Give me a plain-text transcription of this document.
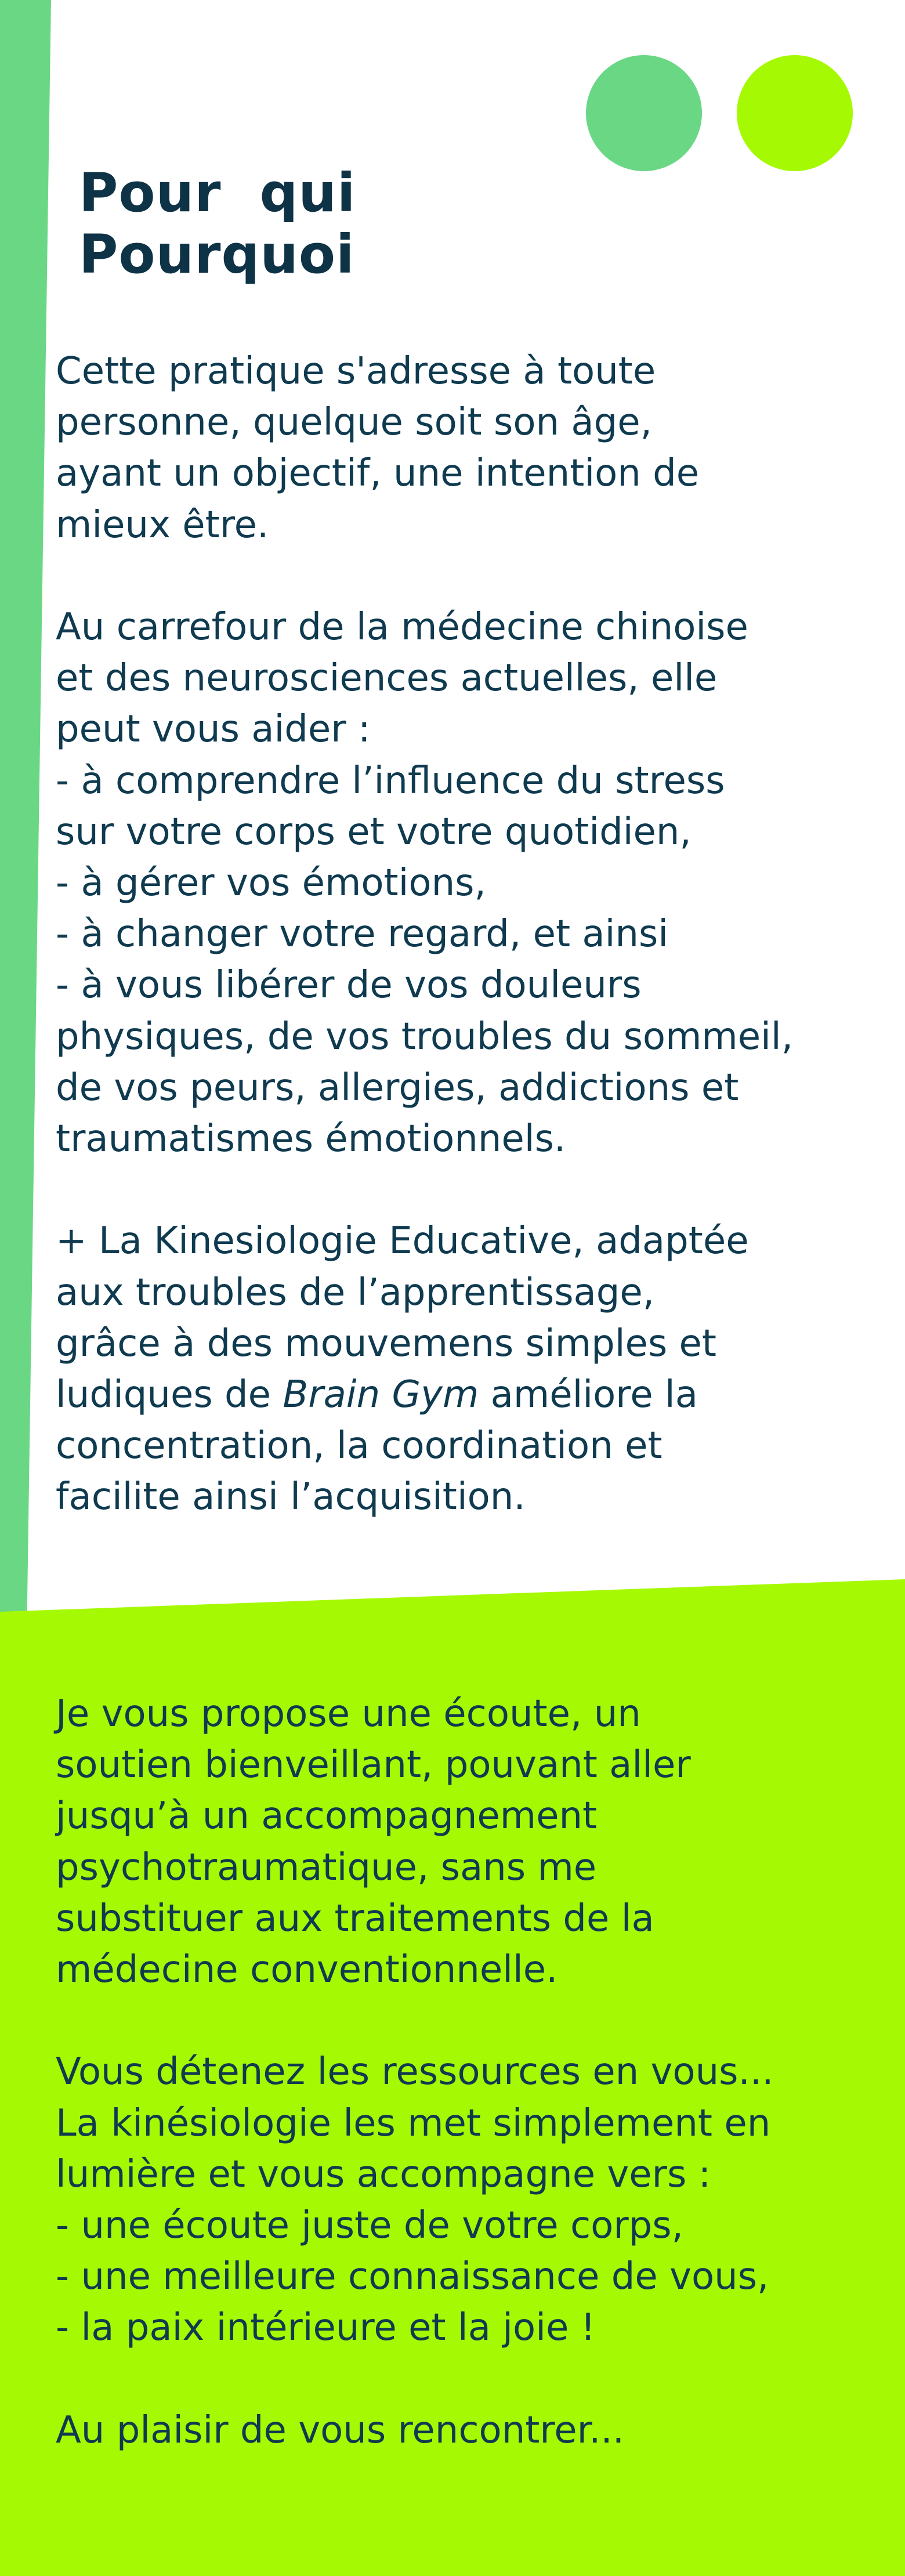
Pour  qui
Pourquoi
Cette pratique s'adresse à toute
personne, quelque soit son âge,
ayant un objectif, une intention de
mieux être.
Au carrefour de la médecine chinoise
et des neurosciences actuelles, elle
peut vous aider :
- à comprendre l’influence du stress
sur votre corps et votre quotidien,
- à gérer vos émotions,
- à changer votre regard, et ainsi
- à vous libérer de vos douleurs
physiques, de vos troubles du sommeil,
de vos peurs, allergies, addictions et
traumatismes émotionnels.
+ La Kinesiologie Educative, adaptée
aux troubles de l’apprentissage,
grâce à des mouvemens simples et
ludiques de Brain Gym améliore la
concentration, la coordination et
facilite ainsi l’acquisition.
Je vous propose une écoute, un
soutien bienveillant, pouvant aller
jusqu’à un accompagnement
psychotraumatique, sans me
substituer aux traitements de la
médecine conventionnelle.
Vous détenez les ressources en vous...
La kinésiologie les met simplement en
lumière et vous accompagne vers :
- une écoute juste de votre corps,
- une meilleure connaissance de vous,
- la paix intérieure et la joie !
Au plaisir de vous rencontrer...
